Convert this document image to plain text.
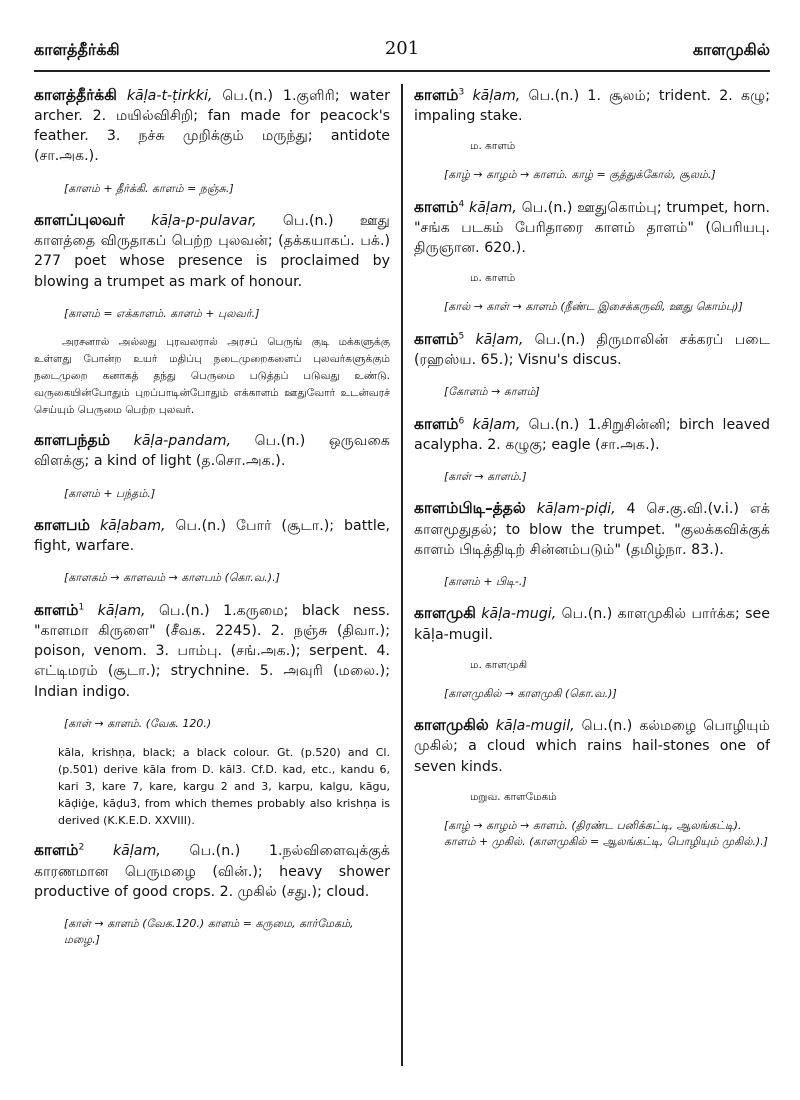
காளத்தீர்க்கி	201	காளமுகில்

காளத்தீர்க்கி kāḷa-t-ṭirkki, பெ.(n.) 1.குளிரி; water archer. 2. மயில்விசிறி; fan made for peacock's feather. 3. நச்சு முறிக்கும் மருந்து; antidote (சா.அக.).

[காளம் + தீர்க்கி. காளம் = நஞ்சு.]

காளப்புலவர் kāḷa-p-pulavar, பெ.(n.) ஊது காளத்தை விருதாகப் பெற்ற புலவன்; (தக்கயாகப். பக்.) 277 poet whose presence is proclaimed by blowing a trumpet as mark of honour.

[காளம் = எக்காளம். காளம் + புலவர்.]
அரசனால் அல்லது புரவலரால் அரசப் பெருங் குடி மக்களுக்கு உள்ளது போன்ற உயர் மதிப்பு நடைமுறைகளைப் புலவர்களுக்கும் நடைமுறை கனாகத் தந்து பெருமை படுத்தப் படுவது உண்டு. வருகையின்போதும் புறப்பாடின்போதும் எக்காளம் ஊதுவோர் உடன்வரச் செய்யும் பெருமை பெற்ற புலவர்.

காளபந்தம் kāḷa-pandam, பெ.(n.) ஒருவகை விளக்கு; a kind of light (த.சொ.அக.).

[காளம் + பந்தம்.]

காளபம் kāḷabam, பெ.(n.) போர் (சூடா.); battle, fight, warfare.

[காளகம் → காளவம் → காளபம் (கொ.வ.).]

காளம்$^1$ kāḷam, பெ.(n.) 1.கருமை; black ness. "காளமா கிருளை" (சீவக. 2245). 2. நஞ்சு (திவா.); poison, venom. 3. பாம்பு. (சங்.அக.); serpent. 4. எட்டிமரம் (சூடா.); strychnine. 5. அவுரி (மலை.); Indian indigo.

[காள் → காளம். (வேக. 120.)
kāla, krishṇa, black; a black colour. Gt. (p.520) and Cl. (p.501) derive kāla from D. kāl3. Cf.D. kad, etc., kandu 6, kari 3, kare 7, kare, kargu 2 and 3, karpu, kalgu, kāgu, kāḍiġe, kāḍu3, from which themes probably also krishṇa is derived (K.K.E.D. XXVIII).

காளம்$^2$ kāḷam, பெ.(n.) 1.நல்விளைவுக்குக் காரணமான பெருமழை (வின்.); heavy shower productive of good crops. 2. முகில் (சது.); cloud.

[காள் → காளம் (வேக.120.) காளம் = கருமை, கார்மேகம், மழை.]

காளம்$^3$ kāḷam, பெ.(n.) 1. சூலம்; trident. 2. கழு; impaling stake.

ம. காளம்
[காழ் → காழம் → காளம். காழ் = குத்துக்கோல், சூலம்.]

காளம்$^4$ kāḷam, பெ.(n.) ஊதுகொம்பு; trumpet, horn. "சங்க படகம் பேரிதாரை காளம் தாளம்" (பெரியபு. திருஞான. 620.).

ம. காளம்
[கால் → காள் → காளம் (நீண்ட இசைக்கருவி, ஊது கொம்பு)]

காளம்$^5$ kāḷam, பெ.(n.) திருமாலின் சக்கரப் படை (ரஹஸ்ய. 65.); Visnu's discus.

[கோளம் → காளம்]

காளம்$^6$ kāḷam, பெ.(n.) 1.சிறுசின்னி; birch leaved acalypha. 2. கழுகு; eagle (சா.அக.).

[காள் → காளம்.]

காளம்பிடி–த்தல் kāḷam-piḍi, 4 செ.கு.வி.(v.i.) எக் காளமூதுதல்; to blow the trumpet. "குலக்கவிக்குக் காளம் பிடித்திடிற் சின்னம்படும்" (தமிழ்நா. 83.).

[காளம் + பிடி-.]

காளமுகி kāḷa-mugi, பெ.(n.) காளமுகில் பார்க்க; see kāḷa-mugil.

ம. காளமுகி
[காளமுகில் → காளமுகி (கொ.வ.)]

காளமுகில் kāḷa-mugil, பெ.(n.) கல்மழை பொழியும் முகில்; a cloud which rains hail-stones one of seven kinds.

மறுவ. காளமேகம்
[காழ் → காழம் → காளம். (திரண்ட பனிக்கட்டி, ஆலங்கட்டி). காளம் + முகில். (காளமுகில் = ஆலங்கட்டி, பொழியும் முகில்.).]
